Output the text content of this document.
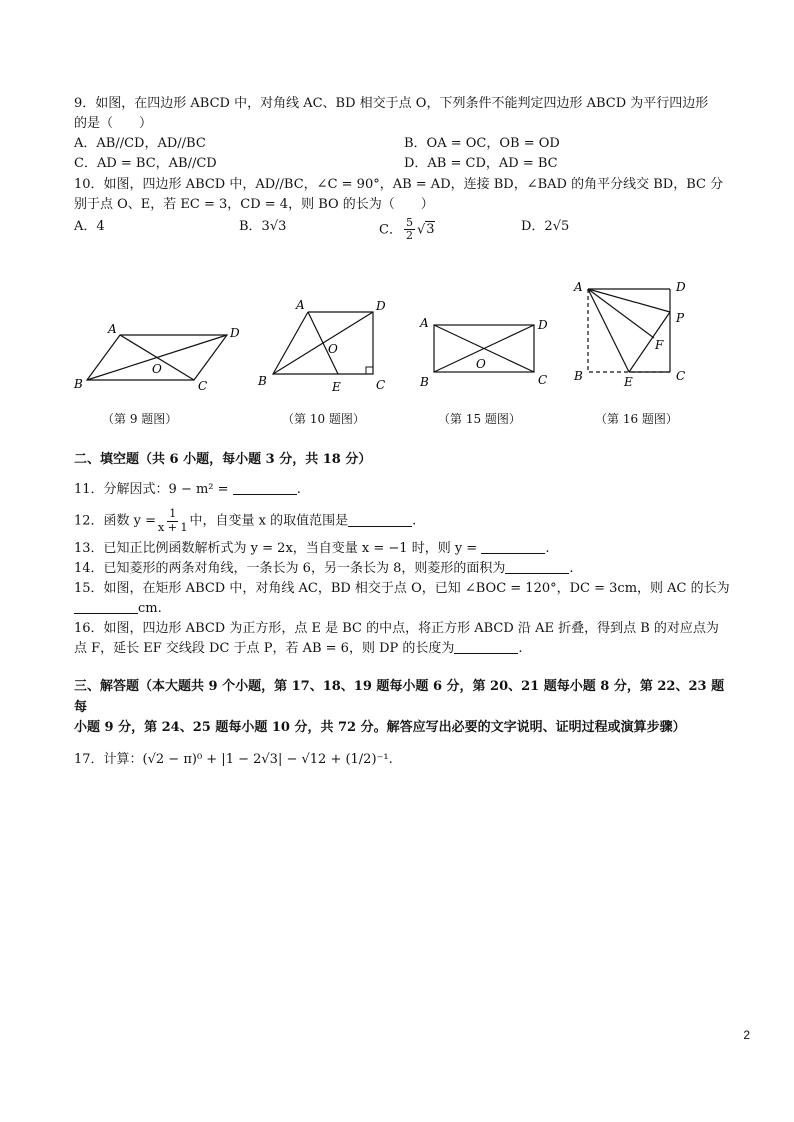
9．如图，在四边形 ABCD 中，对角线 AC、BD 相交于点 O，下列条件不能判定四边形 ABCD 为平行四边形
的是（　　）
A．AB//CD，AD//BC	B．OA = OC，OB = OD
C．AD = BC，AB//CD	D．AB = CD，AD = BC
10．如图，四边形 ABCD 中，AD//BC，∠C = 90°，AB = AD，连接 BD，∠BAD 的角平分线交 BD，BC 分
别于点 O、E，若 EC = 3，CD = 4，则 BO 的长为（　　）
A．4	B．3√3	C． $\frac{5}{2} √3$	D．2√5
A	D
B	C
O
（第 9 题图）
A	D
B	C
E
O
（第 10 题图）
A	D
B	C
O
（第 15 题图）
A	D
P
F
B	E	C
（第 16 题图）
二、填空题（共 6 小题，每小题 3 分，共 18 分）
11．分解因式：9 − m² =	.
12．函数 $y = \frac{1}{x + 1}$ 中，自变量 x 的取值范围是	.
13．已知正比例函数解析式为 y = 2x，当自变量 x = −1 时，则 y =	.
14．已知菱形的两条对角线，一条长为 6，另一条长为 8，则菱形的面积为	.
15．如图，在矩形 ABCD 中，对角线 AC，BD 相交于点 O，已知 ∠BOC = 120°，DC = 3cm，则 AC 的长为
cm.
16．如图，四边形 ABCD 为正方形，点 E 是 BC 的中点，将正方形 ABCD 沿 AE 折叠，得到点 B 的对应点为
点 F，延长 EF 交线段 DC 于点 P，若 AB = 6，则 DP 的长度为	.
三、解答题（本大题共 9 个小题，第 17、18、19 题每小题 6 分，第 20、21 题每小题 8 分，第 22、23 题每
小题 9 分，第 24、25 题每小题 10 分，共 72 分。解答应写出必要的文字说明、证明过程或演算步骤）
17．计算：(√2 − π)⁰ + |1 − 2√3| − √12 + (1/2)⁻¹.
2
